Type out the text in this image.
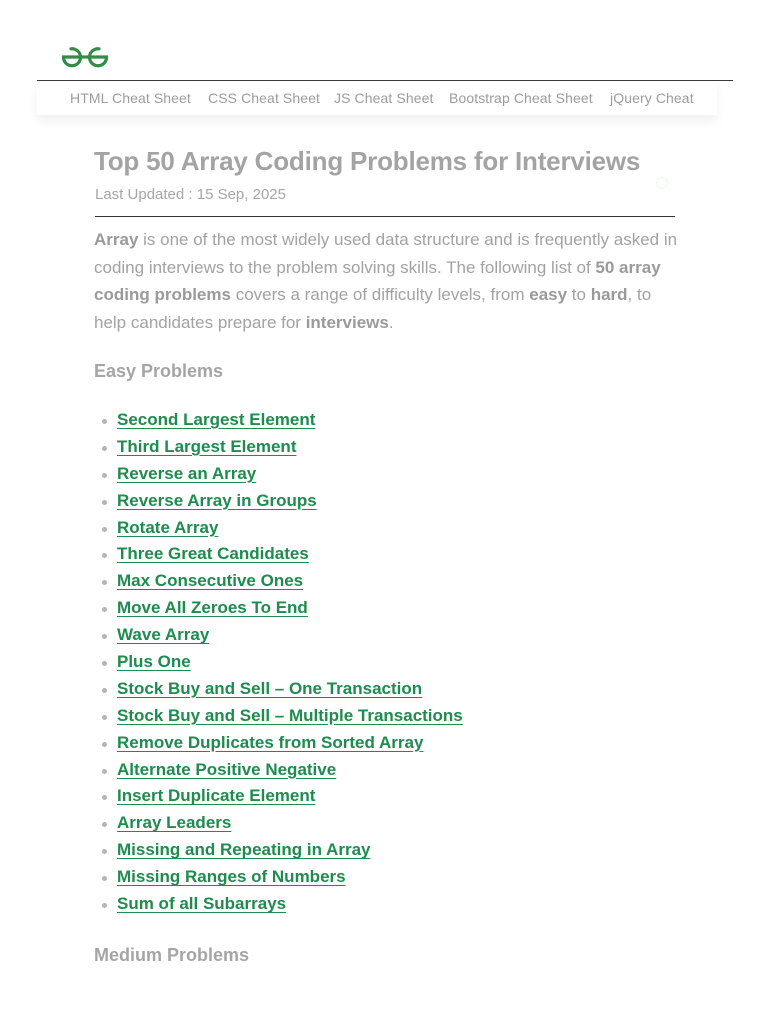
HTML Cheat Sheet CSS Cheat Sheet JS Cheat Sheet Bootstrap Cheat Sheet jQuery Cheat
Top 50 Array Coding Problems for Interviews
Last Updated : 15 Sep, 2025

Array is one of the most widely used data structure and is frequently asked in coding interviews to the problem solving skills. The following list of 50 array coding problems covers a range of difficulty levels, from easy to hard, to help candidates prepare for interviews.

Easy Problems
Second Largest Element
Third Largest Element
Reverse an Array
Reverse Array in Groups
Rotate Array
Three Great Candidates
Max Consecutive Ones
Move All Zeroes To End
Wave Array
Plus One
Stock Buy and Sell – One Transaction
Stock Buy and Sell – Multiple Transactions
Remove Duplicates from Sorted Array
Alternate Positive Negative
Insert Duplicate Element
Array Leaders
Missing and Repeating in Array
Missing Ranges of Numbers
Sum of all Subarrays
Medium Problems
